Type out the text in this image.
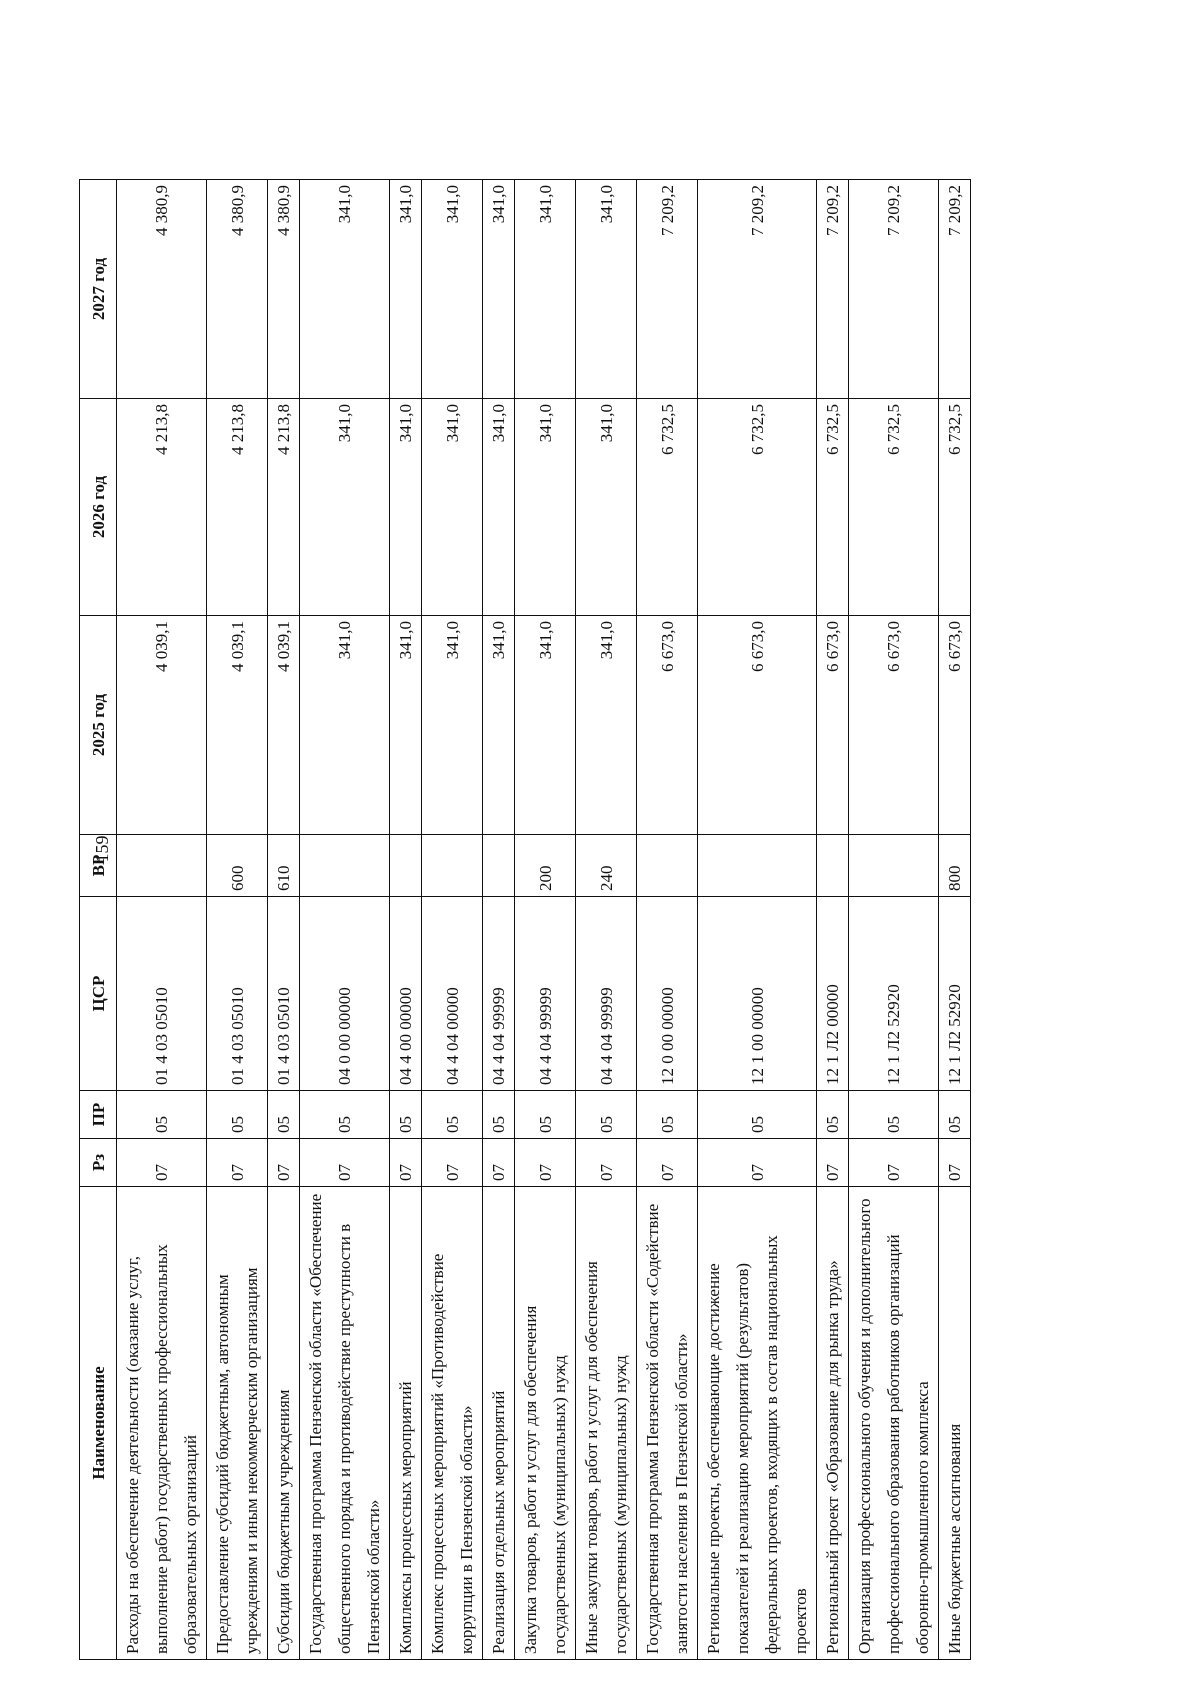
159
Наименование	Рз	ПР	ЦСР	ВР	2025 год	2026 год	2027 год
Расходы на обеспечение деятельности (оказание услуг, выполнение работ) государственных профессиональных образовательных организаций	07	05	01 4 03 05010		4 039,1	4 213,8	4 380,9
Предоставление субсидий бюджетным, автономным учреждениям и иным некоммерческим организациям	07	05	01 4 03 05010	600	4 039,1	4 213,8	4 380,9
Субсидии бюджетным учреждениям	07	05	01 4 03 05010	610	4 039,1	4 213,8	4 380,9
Государственная программа Пензенской области «Обеспечение общественного порядка и противодействие преступности в Пензенской области»	07	05	04 0 00 00000		341,0	341,0	341,0
Комплексы процессных мероприятий	07	05	04 4 00 00000		341,0	341,0	341,0
Комплекс процессных мероприятий «Противодействие коррупции в Пензенской области»	07	05	04 4 04 00000		341,0	341,0	341,0
Реализация отдельных мероприятий	07	05	04 4 04 99999		341,0	341,0	341,0
Закупка товаров, работ и услуг для обеспечения государственных (муниципальных) нужд	07	05	04 4 04 99999	200	341,0	341,0	341,0
Иные закупки товаров, работ и услуг для обеспечения государственных (муниципальных) нужд	07	05	04 4 04 99999	240	341,0	341,0	341,0
Государственная программа Пензенской области «Содействие занятости населения в Пензенской области»	07	05	12 0 00 00000		6 673,0	6 732,5	7 209,2
Региональные проекты, обеспечивающие достижение показателей и реализацию мероприятий (результатов) федеральных проектов, входящих в состав национальных проектов	07	05	12 1 00 00000		6 673,0	6 732,5	7 209,2
Региональный проект «Образование для рынка труда»	07	05	12 1 Л2 00000		6 673,0	6 732,5	7 209,2
Организация профессионального обучения и дополнительного профессионального образования работников организаций оборонно-промышленного комплекса	07	05	12 1 Л2 52920		6 673,0	6 732,5	7 209,2
Иные бюджетные ассигнования	07	05	12 1 Л2 52920	800	6 673,0	6 732,5	7 209,2
